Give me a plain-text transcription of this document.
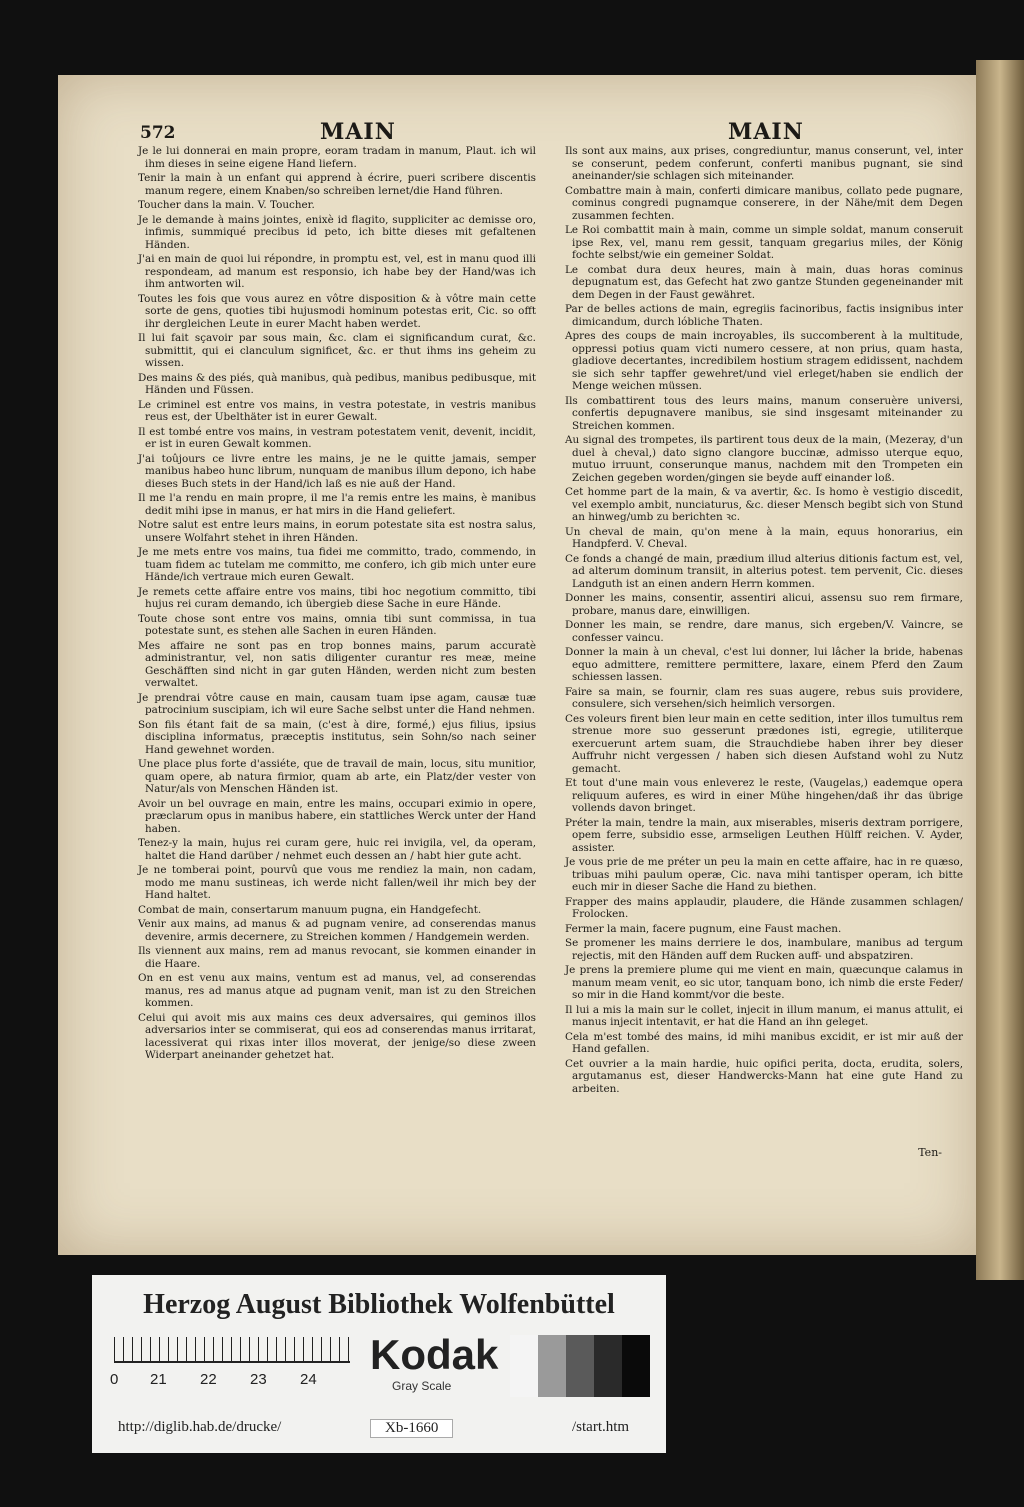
572	MAIN	MAIN

Je le lui donnerai en main propre, eoram tradam in manum, Plaut. ich wil ihm dieses in seine eigene Hand liefern.

Tenir la main à un enfant qui apprend à écrire, pueri scribere discentis manum regere, einem Knaben/so schreiben lernet/die Hand führen.

Toucher dans la main. V. Toucher.

Je le demande à mains jointes, enixè id flagito, suppliciter ac demisse oro, infimis, summiqué precibus id peto, ich bitte dieses mit gefaltenen Händen.

J'ai en main de quoi lui répondre, in promptu est, vel, est in manu quod illi respondeam, ad manum est responsio, ich habe bey der Hand/was ich ihm antworten wil.

Toutes les fois que vous aurez en vôtre disposition & à vôtre main cette sorte de gens, quoties tibi hujusmodi hominum potestas erit, Cic. so offt ihr dergleichen Leute in eurer Macht haben werdet.

Il lui fait sçavoir par sous main, &c. clam ei significandum curat, &c. submittit, qui ei clanculum significet, &c. er thut ihms ins geheim zu wissen.

Des mains & des piés, quà manibus, quà pedibus, manibus pedibusque, mit Händen und Füssen.

Le criminel est entre vos mains, in vestra potestate, in vestris manibus reus est, der Ubelthäter ist in eurer Gewalt.

Il est tombé entre vos mains, in vestram potestatem venit, devenit, incidit, er ist in euren Gewalt kommen.

J'ai toûjours ce livre entre les mains, je ne le quitte jamais, semper manibus habeo hunc librum, nunquam de manibus illum depono, ich habe dieses Buch stets in der Hand/ich laß es nie auß der Hand.

Il me l'a rendu en main propre, il me l'a remis entre les mains, è manibus dedit mihi ipse in manus, er hat mirs in die Hand geliefert.

Notre salut est entre leurs mains, in eorum potestate sita est nostra salus, unsere Wolfahrt stehet in ihren Händen.

Je me mets entre vos mains, tua fidei me committo, trado, commendo, in tuam fidem ac tutelam me committo, me confero, ich gib mich unter eure Hände/ich vertraue mich euren Gewalt.

Je remets cette affaire entre vos mains, tibi hoc negotium committo, tibi hujus rei curam demando, ich übergieb diese Sache in eure Hände.

Toute chose sont entre vos mains, omnia tibi sunt commissa, in tua potestate sunt, es stehen alle Sachen in euren Händen.

Mes affaire ne sont pas en trop bonnes mains, parum accuratè administrantur, vel, non satis diligenter curantur res meæ, meine Geschäfften sind nicht in gar guten Händen, werden nicht zum besten verwaltet.

Je prendrai vôtre cause en main, causam tuam ipse agam, causæ tuæ patrocinium suscipiam, ich wil eure Sache selbst unter die Hand nehmen.

Son fils étant fait de sa main, (c'est à dire, formé,) ejus filius, ipsius disciplina informatus, præceptis institutus, sein Sohn/so nach seiner Hand gewehnet worden.

Une place plus forte d'assiéte, que de travail de main, locus, situ munitior, quam opere, ab natura firmior, quam ab arte, ein Platz/der vester von Natur/als von Menschen Händen ist.

Avoir un bel ouvrage en main, entre les mains, occupari eximio in opere, præclarum opus in manibus habere, ein stattliches Werck unter der Hand haben.

Tenez-y la main, hujus rei curam gere, huic rei invigila, vel, da operam, haltet die Hand darüber / nehmet euch dessen an / habt hier gute acht.

Je ne tomberai point, pourvû que vous me rendiez la main, non cadam, modo me manu sustineas, ich werde nicht fallen/weil ihr mich bey der Hand haltet.

Combat de main, consertarum manuum pugna, ein Handgefecht.

Venir aux mains, ad manus & ad pugnam venire, ad conserendas manus devenire, armis decernere, zu Streichen kommen / Handgemein werden.

Ils viennent aux mains, rem ad manus revocant, sie kommen einander in die Haare.

On en est venu aux mains, ventum est ad manus, vel, ad conserendas manus, res ad manus atque ad pugnam venit, man ist zu den Streichen kommen.

Celui qui avoit mis aux mains ces deux adversaires, qui geminos illos adversarios inter se commiserat, qui eos ad conserendas manus irritarat, lacessiverat qui rixas inter illos moverat, der jenige/so diese zween Widerpart aneinander gehetzet hat.

Ils sont aux mains, aux prises, congrediuntur, manus conserunt, vel, inter se conserunt, pedem conferunt, conferti manibus pugnant, sie sind aneinander/sie schlagen sich miteinander.

Combattre main à main, conferti dimicare manibus, collato pede pugnare, cominus congredi pugnamque conserere, in der Nähe/mit dem Degen zusammen fechten.

Le Roi combattit main à main, comme un simple soldat, manum conseruit ipse Rex, vel, manu rem gessit, tanquam gregarius miles, der König fochte selbst/wie ein gemeiner Soldat.

Le combat dura deux heures, main à main, duas horas cominus depugnatum est, das Gefecht hat zwo gantze Stunden gegeneinander mit dem Degen in der Faust gewähret.

Par de belles actions de main, egregiis facinoribus, factis insignibus inter dimicandum, durch lóbliche Thaten.

Apres des coups de main incroyables, ils succomberent à la multitude, oppressi potius quam victi numero cessere, at non prius, quam hasta, gladiove decertantes, incredibilem hostium stragem edidissent, nachdem sie sich sehr tapffer gewehret/und viel erleget/haben sie endlich der Menge weichen müssen.

Ils combattirent tous des leurs mains, manum conseruère universi, confertis depugnavere manibus, sie sind insgesamt miteinander zu Streichen kommen.

Au signal des trompetes, ils partirent tous deux de la main, (Mezeray, d'un duel à cheval,) dato signo clangore buccinæ, admisso uterque equo, mutuo irruunt, conserunque manus, nachdem mit den Trompeten ein Zeichen gegeben worden/gingen sie beyde auff einander loß.

Cet homme part de la main, & va avertir, &c. Is homo è vestigio discedit, vel exemplo ambit, nunciaturus, &c. dieser Mensch begibt sich von Stund an hinweg/umb zu berichten ꝛc.

Un cheval de main, qu'on mene à la main, equus honorarius, ein Handpferd. V. Cheval.

Ce fonds a changé de main, prædium illud alterius ditionis factum est, vel, ad alterum dominum transiit, in alterius potest. tem pervenit, Cic. dieses Landguth ist an einen andern Herrn kommen.

Donner les mains, consentir, assentiri alicui, assensu suo rem firmare, probare, manus dare, einwilligen.

Donner les main, se rendre, dare manus, sich ergeben/V. Vaincre, se confesser vaincu.

Donner la main à un cheval, c'est lui donner, lui lâcher la bride, habenas equo admittere, remittere permittere, laxare, einem Pferd den Zaum schiessen lassen.

Faire sa main, se fournir, clam res suas augere, rebus suis providere, consulere, sich versehen/sich heimlich versorgen.

Ces voleurs firent bien leur main en cette sedition, inter illos tumultus rem strenue more suo gesserunt prædones isti, egregie, utiliterque exercuerunt artem suam, die Strauchdiebe haben ihrer bey dieser Auffruhr nicht vergessen / haben sich diesen Aufstand wohl zu Nutz gemacht.

Et tout d'une main vous enleverez le reste, (Vaugelas,) eademque opera reliquum auferes, es wird in einer Mühe hingehen/daß ihr das übrige vollends davon bringet.

Préter la main, tendre la main, aux miserables, miseris dextram porrigere, opem ferre, subsidio esse, armseligen Leuthen Hülff reichen. V. Ayder, assister.

Je vous prie de me préter un peu la main en cette affaire, hac in re quæso, tribuas mihi paulum operæ, Cic. nava mihi tantisper operam, ich bitte euch mir in dieser Sache die Hand zu biethen.

Frapper des mains applaudir, plaudere, die Hände zusammen schlagen/ Frolocken.

Fermer la main, facere pugnum, eine Faust machen.

Se promener les mains derriere le dos, inambulare, manibus ad tergum rejectis, mit den Händen auff dem Rucken auff- und abspatziren.

Je prens la premiere plume qui me vient en main, quæcunque calamus in manum meam venit, eo sic utor, tanquam bono, ich nimb die erste Feder/ so mir in die Hand kommt/vor die beste.

Il lui a mis la main sur le collet, injecit in illum manum, ei manus attulit, ei manus injecit intentavit, er hat die Hand an ihn geleget.

Cela m'est tombé des mains, id mihi manibus excidit, er ist mir auß der Hand gefallen.

Cet ouvrier a la main hardie, huic opifici perita, docta, erudita, solers, argutamanus est, dieser Handwercks-Mann hat eine gute Hand zu arbeiten.

Ten-
Herzog August Bibliothek Wolfenbüttel
0 21 22 23 24
Kodak
Gray Scale
http://diglib.hab.de/drucke/	Xb-1660	/start.htm
